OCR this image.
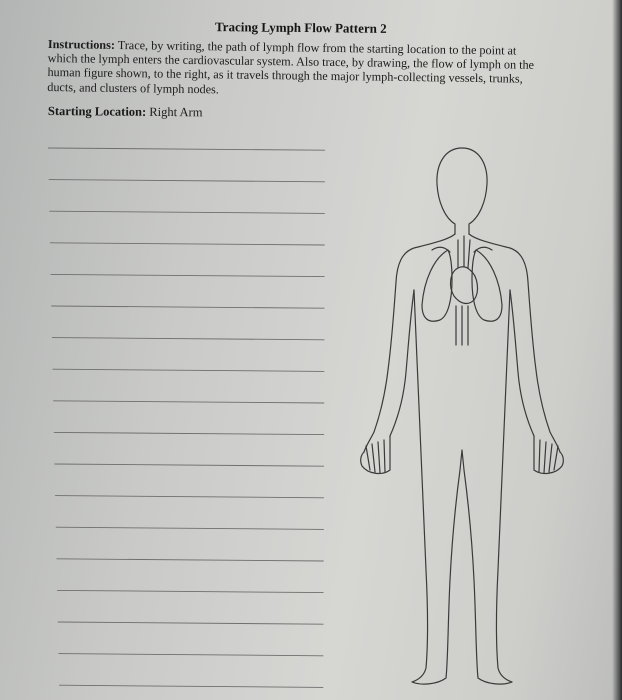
Tracing Lymph Flow Pattern 2
Instructions: Trace, by writing, the path of lymph flow from the starting location to the point at which the lymph enters the cardiovascular system. Also trace, by drawing, the flow of lymph on the human figure shown, to the right, as it travels through the major lymph-collecting vessels, trunks, ducts, and clusters of lymph nodes.
Starting Location: Right Arm
